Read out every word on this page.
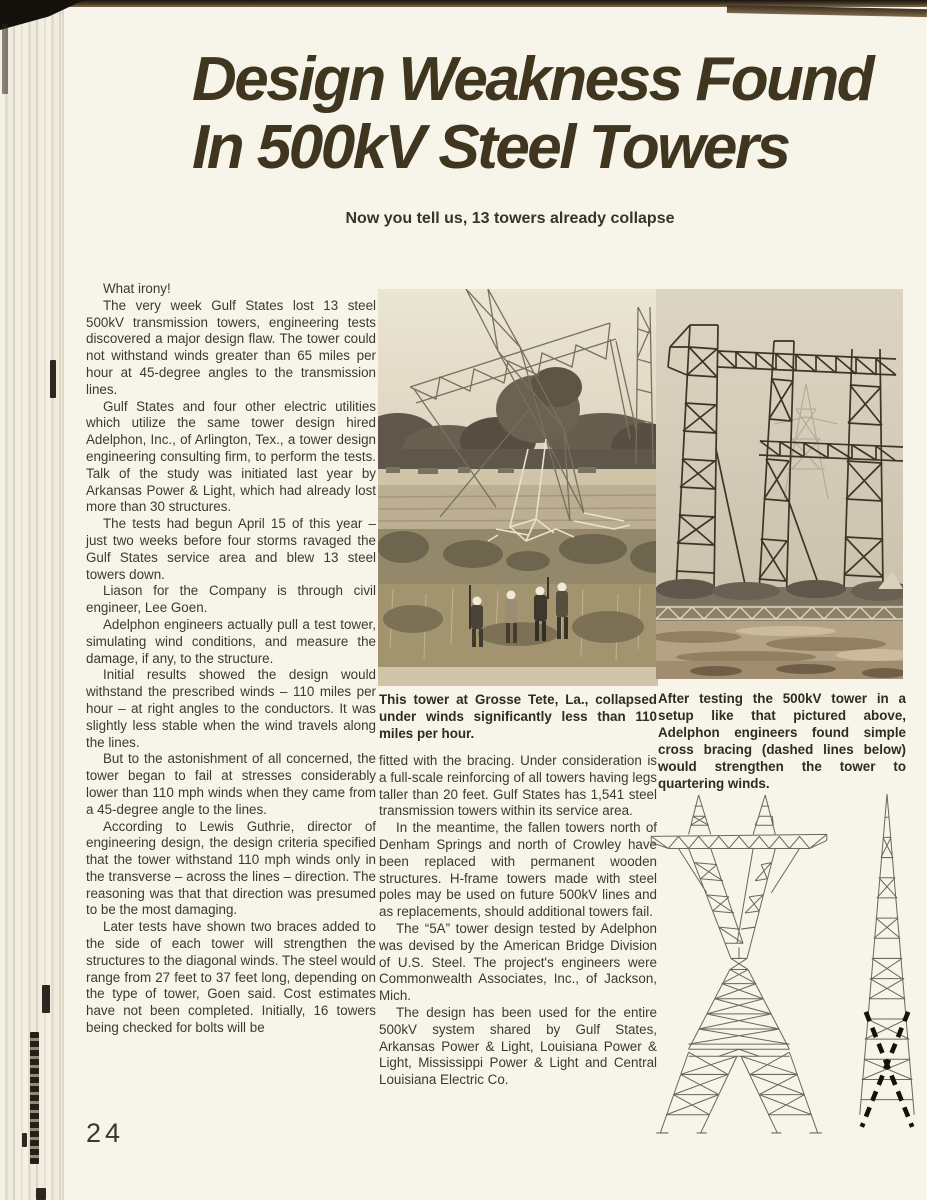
Design Weakness Found
In 500kV Steel Towers
Now you tell us, 13 towers already collapse

What irony!

The very week Gulf States lost 13 steel 500kV transmission towers, engineering tests discovered a major design flaw. The tower could not withstand winds greater than 65 miles per hour at 45-degree angles to the transmission lines.

Gulf States and four other electric utilities which utilize the same tower design hired Adelphon, Inc., of Arlington, Tex., a tower design engineering consulting firm, to perform the tests. Talk of the study was initiated last year by Arkansas Power & Light, which had already lost more than 30 structures.

The tests had begun April 15 of this year – just two weeks before four storms ravaged the Gulf States service area and blew 13 steel towers down.

Liason for the Company is through civil engineer, Lee Goen.

Adelphon engineers actually pull a test tower, simulating wind conditions, and measure the damage, if any, to the structure.

Initial results showed the design would withstand the prescribed winds – 110 miles per hour – at right angles to the conductors. It was slightly less stable when the wind travels along the lines.

But to the astonishment of all concerned, the tower began to fail at stresses considerably lower than 110 mph winds when they came from a 45-degree angle to the lines.

According to Lewis Guthrie, director of engineering design, the design criteria specified that the tower withstand 110 mph winds only in the transverse – across the lines – direction. The reasoning was that that direction was presumed to be the most damaging.

Later tests have shown two braces added to the side of each tower will strengthen the structures to the diagonal winds. The steel would range from 27 feet to 37 feet long, depending on the type of tower, Goen said. Cost estimates have not been completed. Initially, 16 towers being checked for bolts will be

This tower at Grosse Tete, La., collapsed under winds significantly less than 110 miles per hour.
After testing the 500kV tower in a setup like that pictured above, Adelphon engineers found simple cross bracing (dashed lines below) would strengthen the tower to quartering winds.

fitted with the bracing. Under consideration is a full-scale reinforcing of all towers having legs taller than 20 feet. Gulf States has 1,541 steel transmission towers within its service area.

In the meantime, the fallen towers north of Denham Springs and north of Crowley have been replaced with permanent wooden structures. H-frame towers made with steel poles may be used on future 500kV lines and as replacements, should additional towers fail.

The “5A” tower design tested by Adelphon was devised by the American Bridge Division of U.S. Steel. The project's engineers were Commonwealth Associates, Inc., of Jackson, Mich.

The design has been used for the entire 500kV system shared by Gulf States, Arkansas Power & Light, Louisiana Power & Light, Mississippi Power & Light and Central Louisiana Electric Co.

24
